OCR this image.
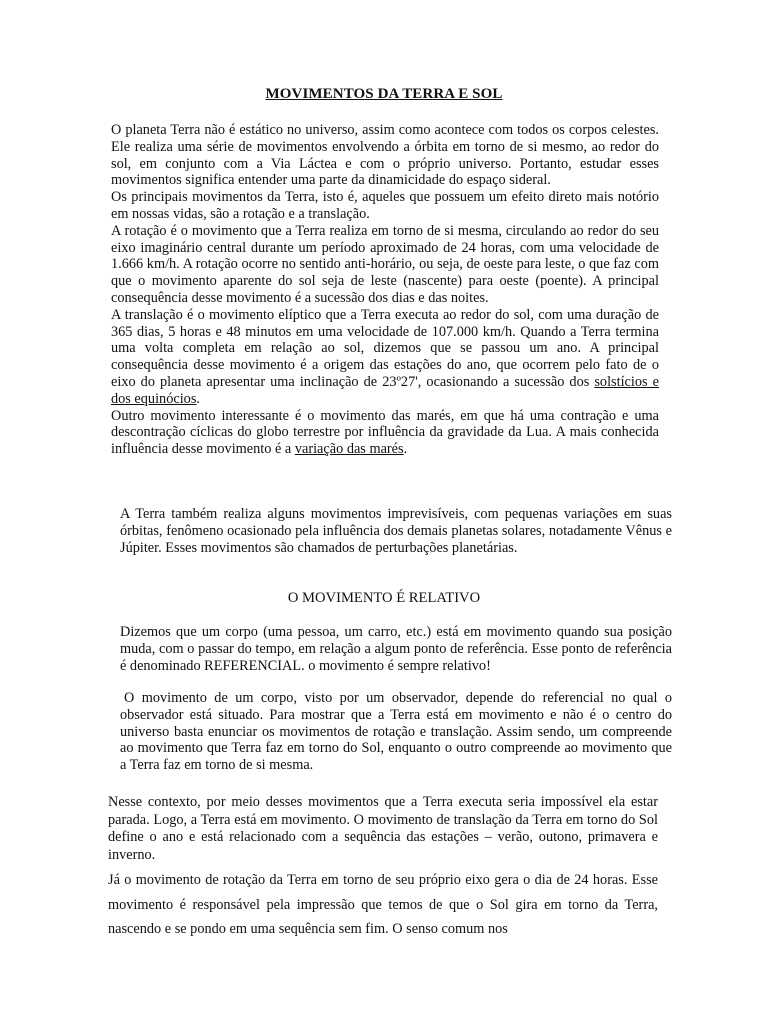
MOVIMENTOS DA TERRA E SOL

O planeta Terra não é estático no universo, assim como acontece com todos os corpos celestes. Ele realiza uma série de movimentos envolvendo a órbita em torno de si mesmo, ao redor do sol, em conjunto com a Via Láctea e com o próprio universo. Portanto, estudar esses movimentos significa entender uma parte da dinamicidade do espaço sideral.

Os principais movimentos da Terra, isto é, aqueles que possuem um efeito direto mais notório em nossas vidas, são a rotação e a translação.

A rotação é o movimento que a Terra realiza em torno de si mesma, circulando ao redor do seu eixo imaginário central durante um período aproximado de 24 horas, com uma velocidade de 1.666 km/h. A rotação ocorre no sentido anti-horário, ou seja, de oeste para leste, o que faz com que o movimento aparente do sol seja de leste (nascente) para oeste (poente). A principal consequência desse movimento é a sucessão dos dias e das noites.

A translação é o movimento elíptico que a Terra executa ao redor do sol, com uma duração de 365 dias, 5 horas e 48 minutos em uma velocidade de 107.000 km/h. Quando a Terra termina uma volta completa em relação ao sol, dizemos que se passou um ano. A principal consequência desse movimento é a origem das estações do ano, que ocorrem pelo fato de o eixo do planeta apresentar uma inclinação de 23º27', ocasionando a sucessão dos solstícios e dos equinócios.

Outro movimento interessante é o movimento das marés, em que há uma contração e uma descontração cíclicas do globo terrestre por influência da gravidade da Lua. A mais conhecida influência desse movimento é a variação das marés.

A Terra também realiza alguns movimentos imprevisíveis, com pequenas variações em suas órbitas, fenômeno ocasionado pela influência dos demais planetas solares, notadamente Vênus e Júpiter. Esses movimentos são chamados de perturbações planetárias.

O MOVIMENTO É RELATIVO

Dizemos que um corpo (uma pessoa, um carro, etc.) está em movimento quando sua posição muda, com o passar do tempo, em relação a algum ponto de referência. Esse ponto de referência é denominado REFERENCIAL. o movimento é sempre relativo!

O movimento de um corpo, visto por um observador, depende do referencial no qual o observador está situado. Para mostrar que a Terra está em movimento e não é o centro do universo basta enunciar os movimentos de rotação e translação. Assim sendo, um compreende ao movimento que Terra faz em torno do Sol, enquanto o outro compreende ao movimento que a Terra faz em torno de si mesma.

Nesse contexto, por meio desses movimentos que a Terra executa seria impossível ela estar parada. Logo, a Terra está em movimento. O movimento de translação da Terra em torno do Sol define o ano e está relacionado com a sequência das estações – verão, outono, primavera e inverno.
Já o movimento de rotação da Terra em torno de seu próprio eixo gera o dia de 24 horas. Esse movimento é responsável pela impressão que temos de que o Sol gira em torno da Terra, nascendo e se pondo em uma sequência sem fim. O senso comum nos
